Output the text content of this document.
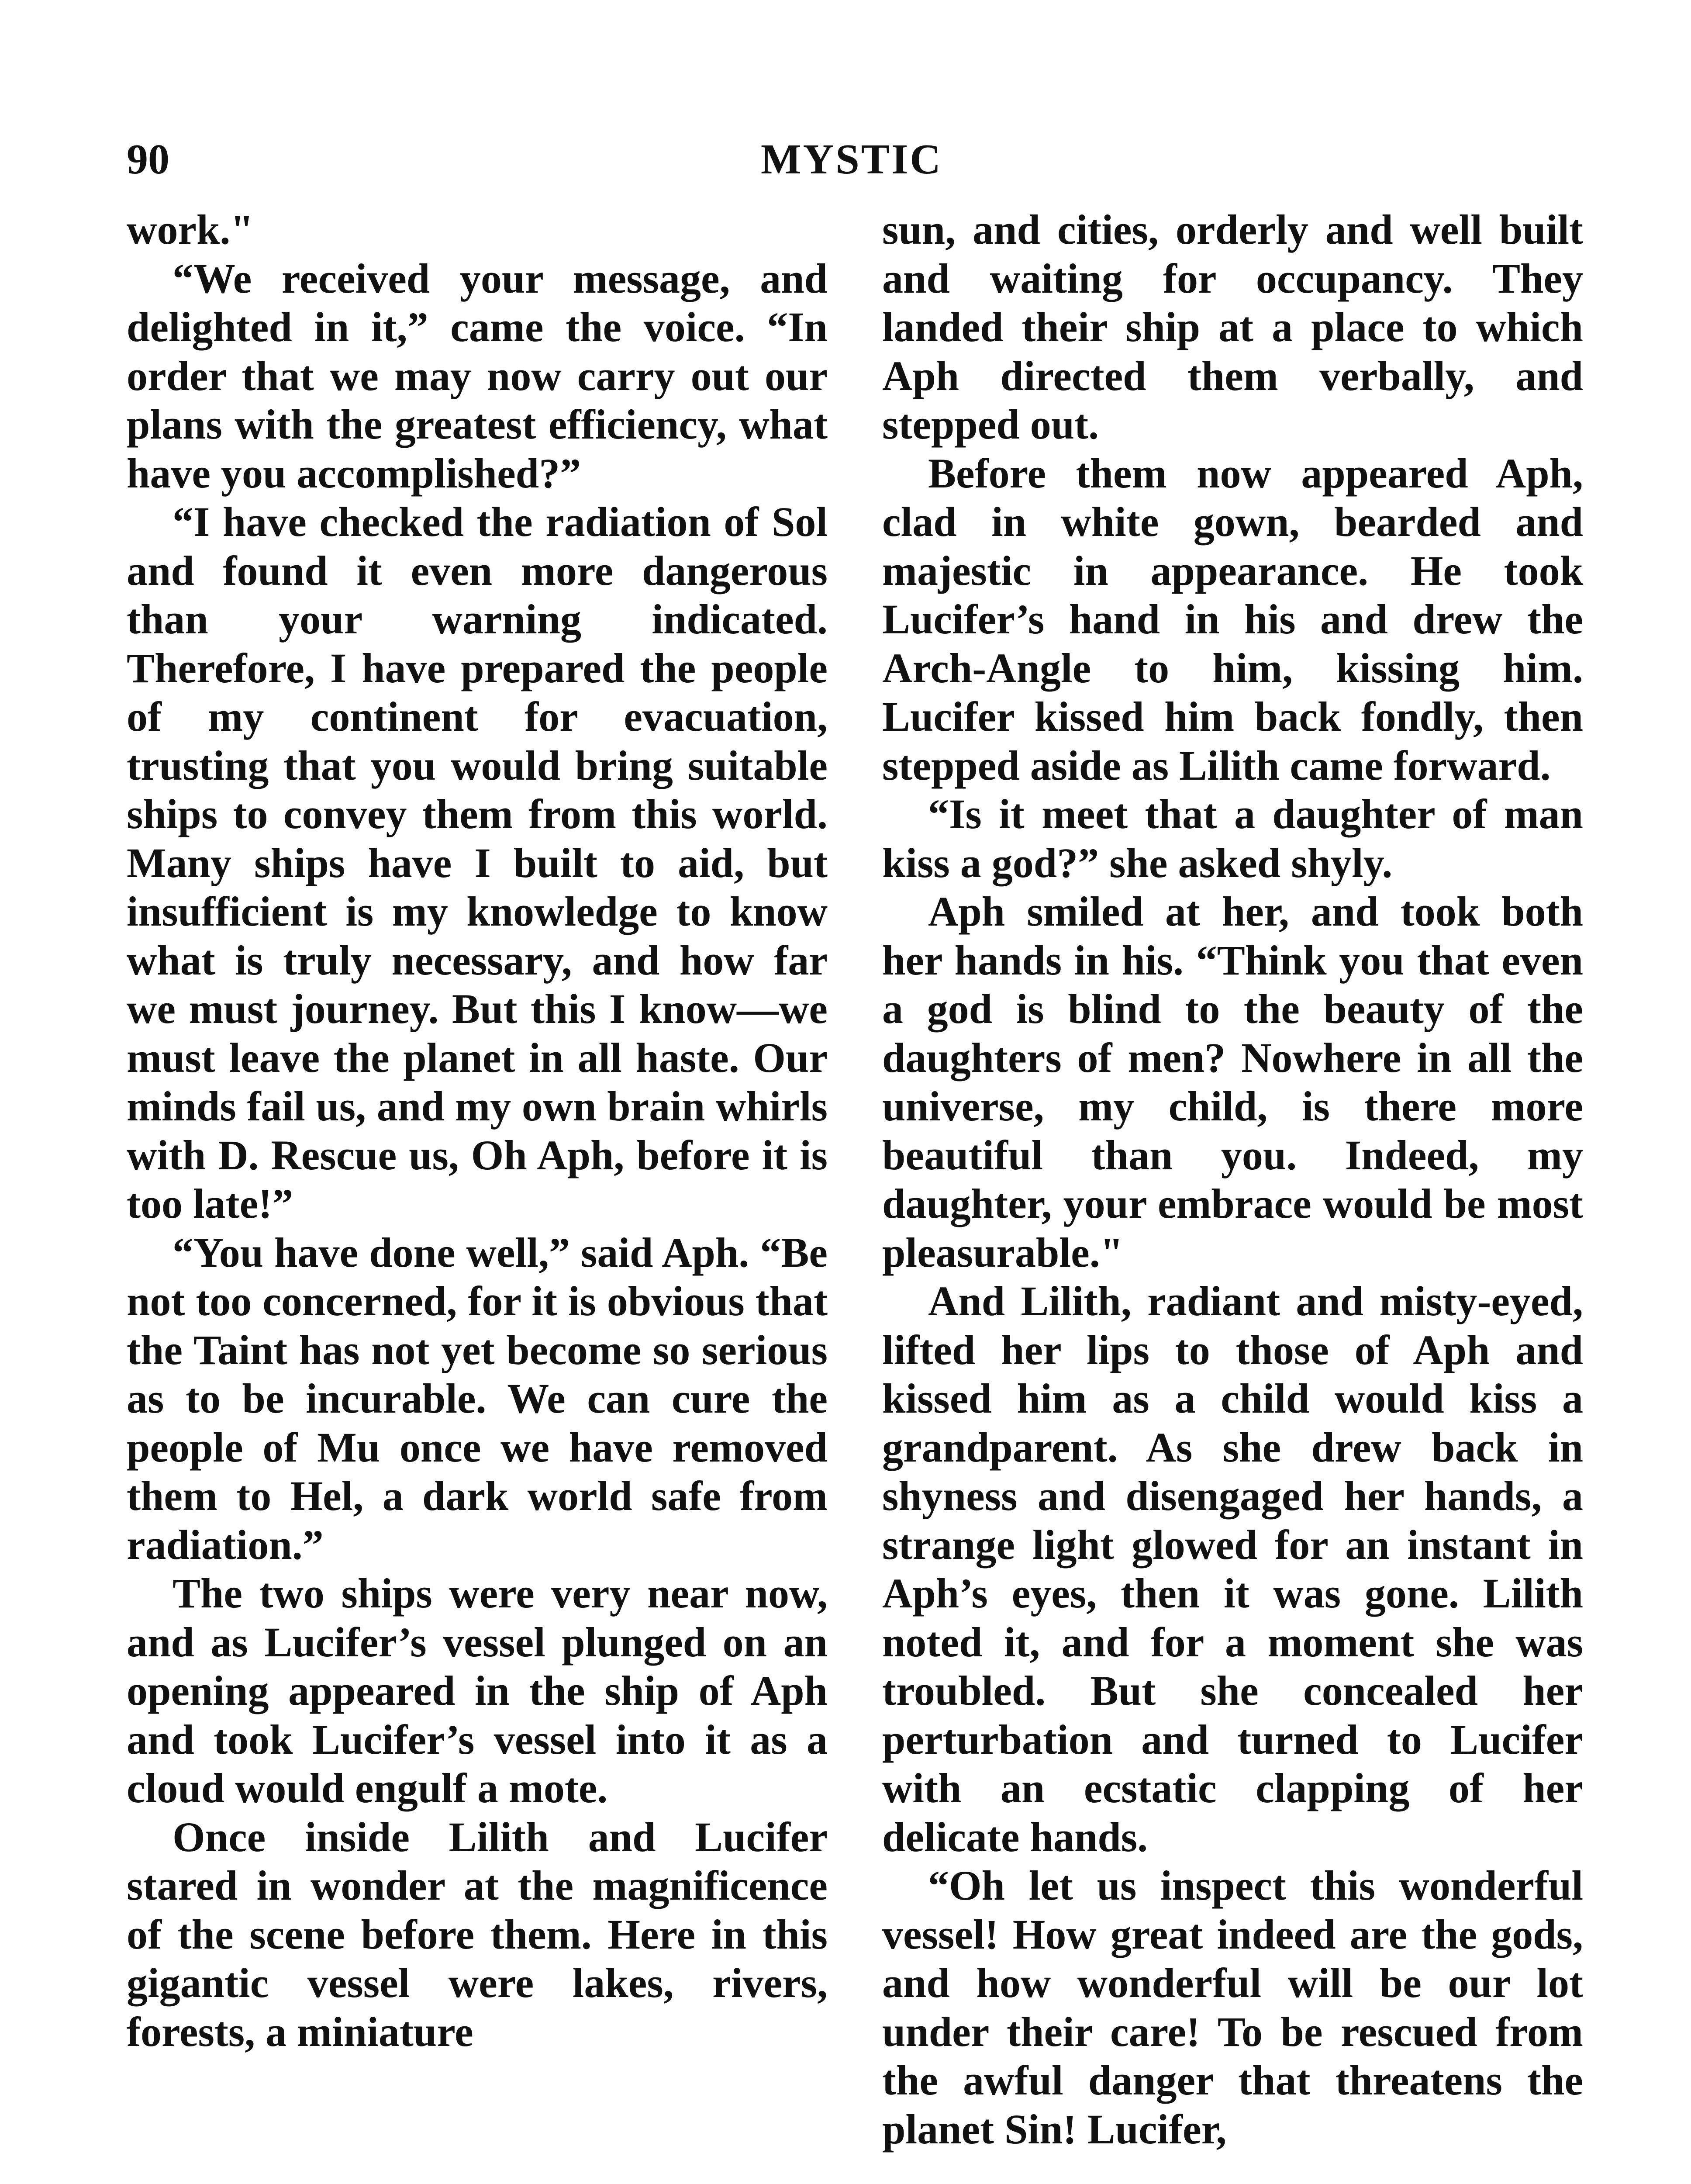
90	MYSTIC

work."

“We received your message, and delighted in it,” came the voice. “In order that we may now carry out our plans with the greatest efficiency, what have you accomplished?”

“I have checked the radiation of Sol and found it even more dangerous than your warning indicated. Therefore, I have prepared the people of my continent for evacuation, trusting that you would bring suitable ships to convey them from this world. Many ships have I built to aid, but insufficient is my knowledge to know what is truly necessary, and how far we must journey. But this I know—we must leave the planet in all haste. Our minds fail us, and my own brain whirls with D. Rescue us, Oh Aph, before it is too late!”

“You have done well,” said Aph. “Be not too concerned, for it is obvious that the Taint has not yet become so serious as to be incurable. We can cure the people of Mu once we have removed them to Hel, a dark world safe from radiation.”

The two ships were very near now, and as Lucifer’s vessel plunged on an opening appeared in the ship of Aph and took Lucifer’s vessel into it as a cloud would engulf a mote.

Once inside Lilith and Lucifer stared in wonder at the magnificence of the scene before them. Here in this gigantic vessel were lakes, rivers, forests, a miniature

sun, and cities, orderly and well built and waiting for occupancy. They landed their ship at a place to which Aph directed them verbally, and stepped out.

Before them now appeared Aph, clad in white gown, bearded and majestic in appearance. He took Lucifer’s hand in his and drew the Arch-Angle to him, kissing him. Lucifer kissed him back fondly, then stepped aside as Lilith came forward.

“Is it meet that a daughter of man kiss a god?” she asked shyly.

Aph smiled at her, and took both her hands in his. “Think you that even a god is blind to the beauty of the daughters of men? Nowhere in all the universe, my child, is there more beautiful than you. Indeed, my daughter, your embrace would be most pleasurable."

And Lilith, radiant and misty-eyed, lifted her lips to those of Aph and kissed him as a child would kiss a grandparent. As she drew back in shyness and disengaged her hands, a strange light glowed for an instant in Aph’s eyes, then it was gone. Lilith noted it, and for a moment she was troubled. But she concealed her perturbation and turned to Lucifer with an ecstatic clapping of her delicate hands.

“Oh let us inspect this wonderful vessel! How great indeed are the gods, and how wonderful will be our lot under their care! To be rescued from the awful danger that threatens the planet Sin! Lucifer,
